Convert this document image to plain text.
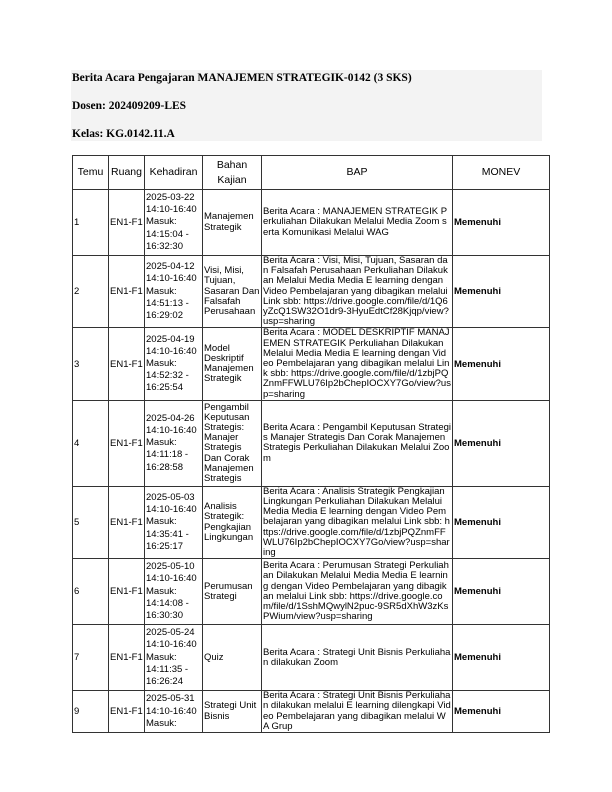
Berita Acara Pengajaran MANAJEMEN STRATEGIK-0142 (3 SKS)
Dosen: 202409209-LES
Kelas: KG.0142.11.A
Temu	Ruang	Kehadiran	Bahan Kajian	BAP	MONEV
1	EN1-F1	2025-03-22 14:10-16:40 Masuk: 14:15:04 - 16:32:30	Manajemen Strategik	Berita Acara : MANAJEMEN STRATEGIK Perkuliahan Dilakukan Melalui Media Zoom serta Komunikasi Melalui WAG	Memenuhi
2	EN1-F1	2025-04-12 14:10-16:40 Masuk: 14:51:13 - 16:29:02	Visi, Misi, Tujuan, Sasaran Dan Falsafah Perusahaan	Berita Acara : Visi, Misi, Tujuan, Sasaran dan Falsafah Perusahaan Perkuliahan Dilakukan Melalui Media Media E learning dengan Video Pembelajaran yang dibagikan melalui Link sbb: https://drive.google.com/file/d/1Q6yZcQ1SW32O1dr9-3HyuEdtCf28Kjqp/view?usp=sharing	Memenuhi
3	EN1-F1	2025-04-19 14:10-16:40 Masuk: 14:52:32 - 16:25:54	Model Deskriptif Manajemen Strategik	Berita Acara : MODEL DESKRIPTIF MANAJEMEN STRATEGIK Perkuliahan Dilakukan Melalui Media Media E learning dengan Video Pembelajaran yang dibagikan melalui Link sbb: https://drive.google.com/file/d/1zbjPQZnmFFWLU76Ip2bChepIOCXY7Go/view?usp=sharing	Memenuhi
4	EN1-F1	2025-04-26 14:10-16:40 Masuk: 14:11:18 - 16:28:58	Pengambil Keputusan Strategis: Manajer Strategis Dan Corak Manajemen Strategis	Berita Acara : Pengambil Keputusan Strategis Manajer Strategis Dan Corak Manajemen Strategis Perkuliahan Dilakukan Melalui Zoom	Memenuhi
5	EN1-F1	2025-05-03 14:10-16:40 Masuk: 14:35:41 - 16:25:17	Analisis Strategik: Pengkajian Lingkungan	Berita Acara : Analisis Strategik Pengkajian Lingkungan Perkuliahan Dilakukan Melalui Media Media E learning dengan Video Pembelajaran yang dibagikan melalui Link sbb: https://drive.google.com/file/d/1zbjPQZnmFFWLU76Ip2bChepIOCXY7Go/view?usp=sharing	Memenuhi
6	EN1-F1	2025-05-10 14:10-16:40 Masuk: 14:14:08 - 16:30:30	Perumusan Strategi	Berita Acara : Perumusan Strategi Perkuliahan Dilakukan Melalui Media Media E learning dengan Video Pembelajaran yang dibagikan melalui Link sbb: https://drive.google.com/file/d/1SshMQwylN2puc-9SR5dXhW3zKsPWium/view?usp=sharing	Memenuhi
7	EN1-F1	2025-05-24 14:10-16:40 Masuk: 14:11:35 - 16:26:24	Quiz	Berita Acara : Strategi Unit Bisnis Perkuliahan dilakukan Zoom	Memenuhi
9	EN1-F1	2025-05-31 14:10-16:40 Masuk:	Strategi Unit Bisnis	Berita Acara : Strategi Unit Bisnis Perkuliahan dilakukan melalui E learning dilengkapi Video Pembelajaran yang dibagikan melalui WA Grup	Memenuhi
